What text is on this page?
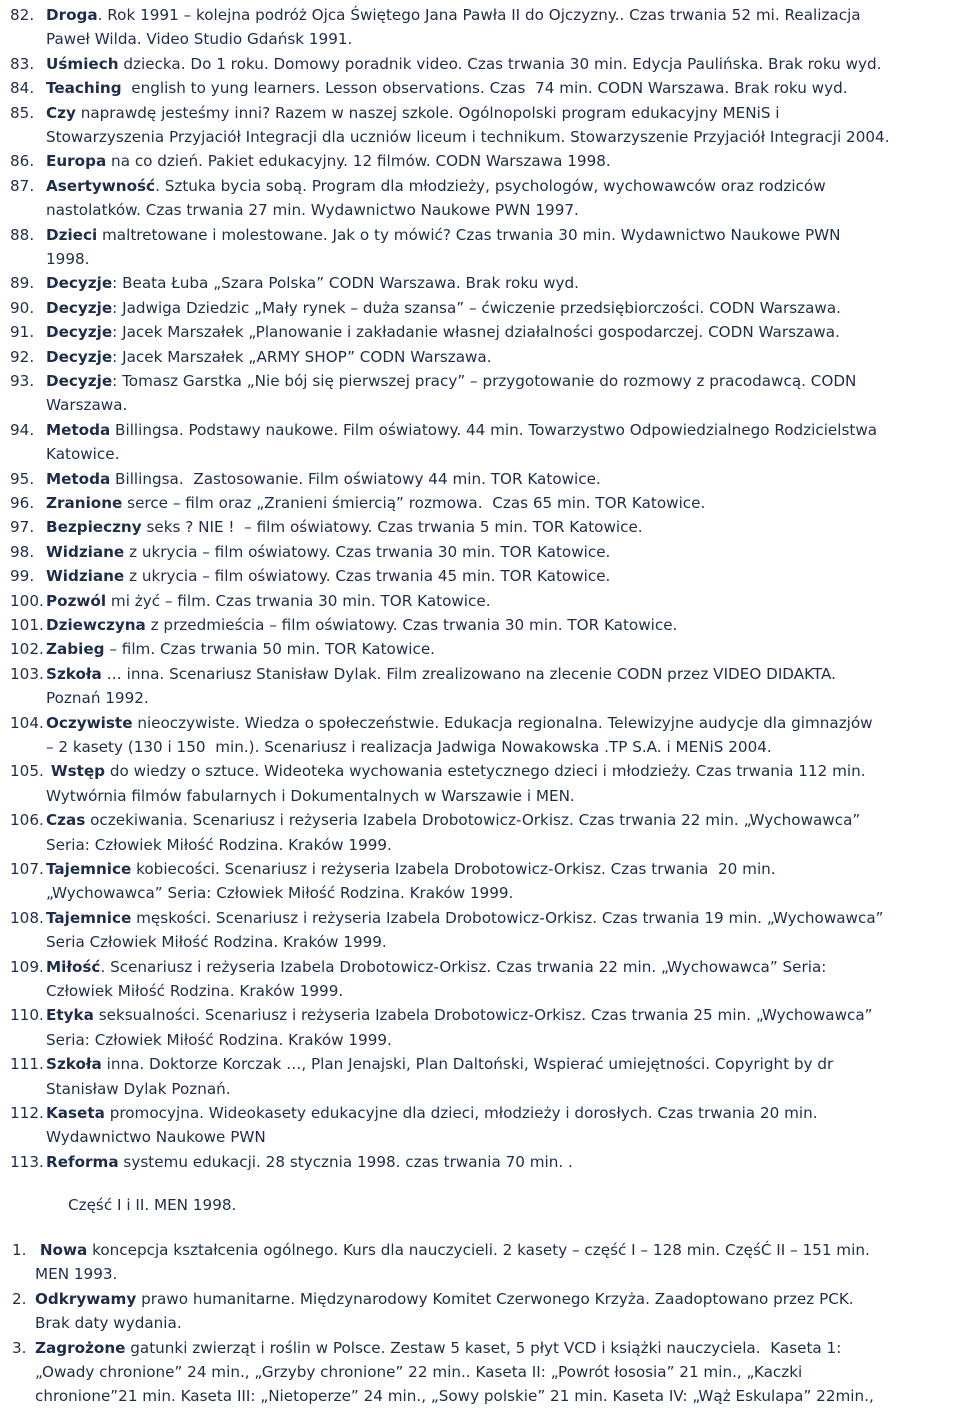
82. Droga. Rok 1991 – kolejna podróż Ojca Świętego Jana Pawła II do Ojczyzny.. Czas trwania 52 mi. Realizacja
Paweł Wilda. Video Studio Gdańsk 1991.
83. Uśmiech dziecka. Do 1 roku. Domowy poradnik video. Czas trwania 30 min. Edycja Paulińska. Brak roku wyd.
84. Teaching  english to yung learners. Lesson observations. Czas  74 min. CODN Warszawa. Brak roku wyd.
85. Czy naprawdę jesteśmy inni? Razem w naszej szkole. Ogólnopolski program edukacyjny MENiS i
Stowarzyszenia Przyjaciół Integracji dla uczniów liceum i technikum. Stowarzyszenie Przyjaciół Integracji 2004.
86. Europa na co dzień. Pakiet edukacyjny. 12 filmów. CODN Warszawa 1998.
87. Asertywność. Sztuka bycia sobą. Program dla młodzieży, psychologów, wychowawców oraz rodziców
nastolatków. Czas trwania 27 min. Wydawnictwo Naukowe PWN 1997.
88. Dzieci maltretowane i molestowane. Jak o ty mówić? Czas trwania 30 min. Wydawnictwo Naukowe PWN
1998.
89. Decyzje: Beata Łuba „Szara Polska” CODN Warszawa. Brak roku wyd.
90. Decyzje: Jadwiga Dziedzic „Mały rynek – duża szansa” – ćwiczenie przedsiębiorczości. CODN Warszawa.
91. Decyzje: Jacek Marszałek „Planowanie i zakładanie własnej działalności gospodarczej. CODN Warszawa.
92. Decyzje: Jacek Marszałek „ARMY SHOP” CODN Warszawa.
93. Decyzje: Tomasz Garstka „Nie bój się pierwszej pracy” – przygotowanie do rozmowy z pracodawcą. CODN
Warszawa.
94. Metoda Billingsa. Podstawy naukowe. Film oświatowy. 44 min. Towarzystwo Odpowiedzialnego Rodzicielstwa
Katowice.
95. Metoda Billingsa.  Zastosowanie. Film oświatowy 44 min. TOR Katowice.
96. Zranione serce – film oraz „Zranieni śmiercią” rozmowa.  Czas 65 min. TOR Katowice.
97. Bezpieczny seks ? NIE !  – film oświatowy. Czas trwania 5 min. TOR Katowice.
98. Widziane z ukrycia – film oświatowy. Czas trwania 30 min. TOR Katowice.
99. Widziane z ukrycia – film oświatowy. Czas trwania 45 min. TOR Katowice.
100. Pozwól mi żyć – film. Czas trwania 30 min. TOR Katowice.
101. Dziewczyna z przedmieścia – film oświatowy. Czas trwania 30 min. TOR Katowice.
102. Zabieg – film. Czas trwania 50 min. TOR Katowice.
103. Szkoła … inna. Scenariusz Stanisław Dylak. Film zrealizowano na zlecenie CODN przez VIDEO DIDAKTA.
Poznań 1992.
104. Oczywiste nieoczywiste. Wiedza o społeczeństwie. Edukacja regionalna. Telewizyjne audycje dla gimnazjów
– 2 kasety (130 i 150  min.). Scenariusz i realizacja Jadwiga Nowakowska .TP S.A. i MENiS 2004.
105. Wstęp do wiedzy o sztuce. Wideoteka wychowania estetycznego dzieci i młodzieży. Czas trwania 112 min.
Wytwórnia filmów fabularnych i Dokumentalnych w Warszawie i MEN.
106. Czas oczekiwania. Scenariusz i reżyseria Izabela Drobotowicz-Orkisz. Czas trwania 22 min. „Wychowawca”
Seria: Człowiek Miłość Rodzina. Kraków 1999.
107. Tajemnice kobiecości. Scenariusz i reżyseria Izabela Drobotowicz-Orkisz. Czas trwania  20 min.
„Wychowawca” Seria: Człowiek Miłość Rodzina. Kraków 1999.
108. Tajemnice męskości. Scenariusz i reżyseria Izabela Drobotowicz-Orkisz. Czas trwania 19 min. „Wychowawca”
Seria Człowiek Miłość Rodzina. Kraków 1999.
109. Miłość. Scenariusz i reżyseria Izabela Drobotowicz-Orkisz. Czas trwania 22 min. „Wychowawca” Seria:
Człowiek Miłość Rodzina. Kraków 1999.
110. Etyka seksualności. Scenariusz i reżyseria Izabela Drobotowicz-Orkisz. Czas trwania 25 min. „Wychowawca”
Seria: Człowiek Miłość Rodzina. Kraków 1999.
111. Szkoła inna. Doktorze Korczak …, Plan Jenajski, Plan Daltoński, Wspierać umiejętności. Copyright by dr
Stanisław Dylak Poznań.
112. Kaseta promocyjna. Wideokasety edukacyjne dla dzieci, młodzieży i dorosłych. Czas trwania 20 min.
Wydawnictwo Naukowe PWN
113. Reforma systemu edukacji. 28 stycznia 1998. czas trwania 70 min. .
Część I i II. MEN 1998.
1. Nowa koncepcja kształcenia ogólnego. Kurs dla nauczycieli. 2 kasety – część I – 128 min. CzęśĆ II – 151 min.
MEN 1993.
2. Odkrywamy prawo humanitarne. Międzynarodowy Komitet Czerwonego Krzyża. Zaadoptowano przez PCK.
Brak daty wydania.
3. Zagrożone gatunki zwierząt i roślin w Polsce. Zestaw 5 kaset, 5 płyt VCD i książki nauczyciela.  Kaseta 1:
„Owady chronione” 24 min., „Grzyby chronione” 22 min.. Kaseta II: „Powrót łososia” 21 min., „Kaczki
chronione”21 min. Kaseta III: „Nietoperze” 24 min., „Sowy polskie” 21 min. Kaseta IV: „Wąż Eskulapa” 22min.,
